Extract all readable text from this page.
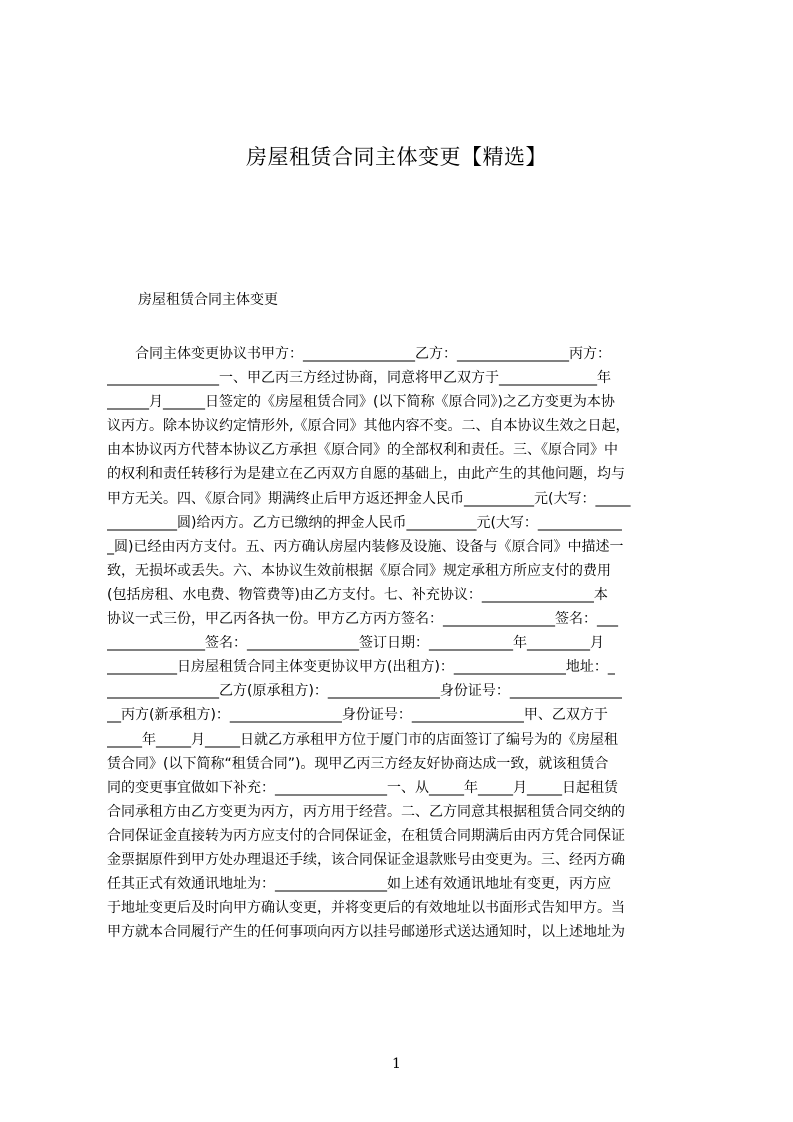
房屋租赁合同主体变更【精选】
房屋租赁合同主体变更
　　合同主体变更协议书甲方：________________乙方：________________丙方：
________________一、甲乙丙三方经过协商，同意将甲乙双方于______________年
______月______日签定的《房屋租赁合同》(以下简称《原合同》)之乙方变更为本协
议丙方。除本协议约定情形外,《原合同》其他内容不变。二、自本协议生效之日起，
由本协议丙方代替本协议乙方承担《原合同》的全部权利和责任。三、《原合同》中
的权利和责任转移行为是建立在乙丙双方自愿的基础上，由此产生的其他问题，均与
甲方无关。四、《原合同》期满终止后甲方返还押金人民币__________元(大写：_____
__________圆)给丙方。乙方已缴纳的押金人民币__________元(大写：____________
_圆)已经由丙方支付。五、丙方确认房屋内装修及设施、设备与《原合同》中描述一
致，无损坏或丢失。六、本协议生效前根据《原合同》规定承租方所应支付的费用
(包括房租、水电费、物管费等)由乙方支付。七、补充协议：________________本
协议一式三份，甲乙丙各执一份。甲方乙方丙方签名：________________签名：___
______________签名：________________签订日期：____________年_________月
__________日房屋租赁合同主体变更协议甲方(出租方)：________________地址：_
________________乙方(原承租方)：________________身份证号：________________
__丙方(新承租方)：________________身份证号：________________甲、乙双方于
_____年_____月_____日就乙方承租甲方位于厦门市的店面签订了编号为的《房屋租
赁合同》(以下简称“租赁合同”)。现甲乙丙三方经友好协商达成一致，就该租赁合
同的变更事宜做如下补充：________________一、从_____年_____月_____日起租赁
合同承租方由乙方变更为丙方，丙方用于经营。二、乙方同意其根据租赁合同交纳的
合同保证金直接转为丙方应支付的合同保证金，在租赁合同期满后由丙方凭合同保证
金票据原件到甲方处办理退还手续，该合同保证金退款账号由变更为。三、经丙方确
任其正式有效通讯地址为：________________如上述有效通讯地址有变更，丙方应
于地址变更后及时向甲方确认变更，并将变更后的有效地址以书面形式告知甲方。当
甲方就本合同履行产生的任何事项向丙方以挂号邮递形式送达通知时，以上述地址为
1
